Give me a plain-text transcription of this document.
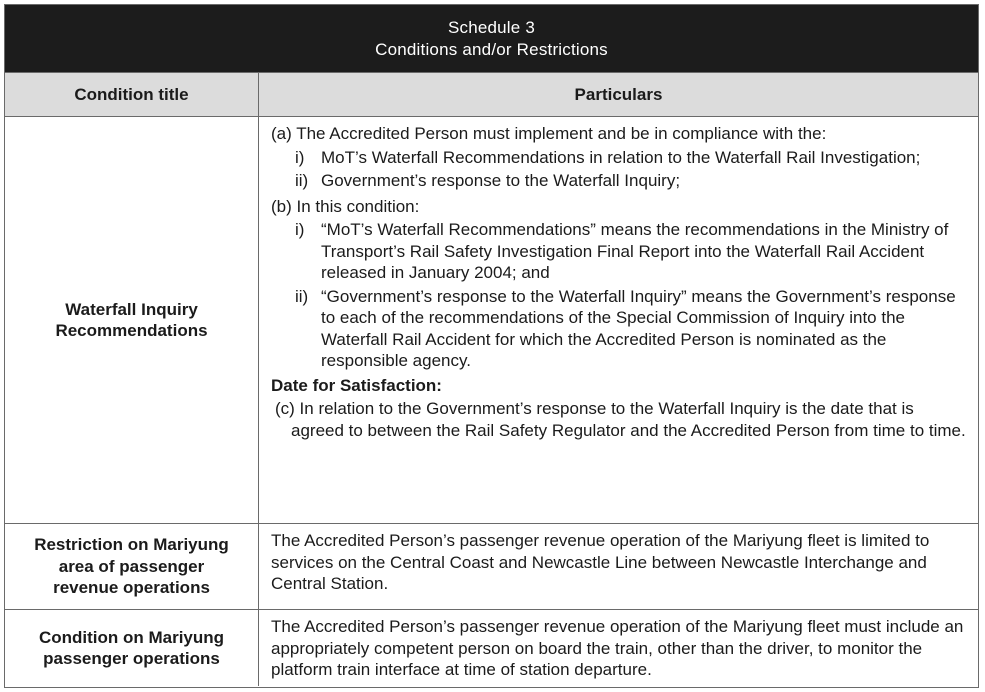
Schedule 3
Conditions and/or Restrictions
Condition title	Particulars
Waterfall Inquiry
Recommendations

(a) The Accredited Person must implement and be in compliance with the:

i) MoT’s Waterfall Recommendations in relation to the Waterfall Rail Investigation;
ii) Government’s response to the Waterfall Inquiry;

(b) In this condition:

i) “MoT’s Waterfall Recommendations” means the recommendations in the Ministry of Transport’s Rail Safety Investigation Final Report into the Waterfall Rail Accident released in January 2004; and
ii) “Government’s response to the Waterfall Inquiry” means the Government’s response to each of the recommendations of the Special Commission of Inquiry into the Waterfall Rail Accident for which the Accredited Person is nominated as the responsible agency.
Date for Satisfaction:

(c) In relation to the Government’s response to the Waterfall Inquiry is the date that is agreed to between the Rail Safety Regulator and the Accredited Person from time to time.

Restriction on Mariyung
area of passenger
revenue operations

The Accredited Person’s passenger revenue operation of the Mariyung fleet is limited to services on the Central Coast and Newcastle Line between Newcastle Interchange and Central Station.

Condition on Mariyung
passenger operations

The Accredited Person’s passenger revenue operation of the Mariyung fleet must include an appropriately competent person on board the train, other than the driver, to monitor the platform train interface at time of station departure.
